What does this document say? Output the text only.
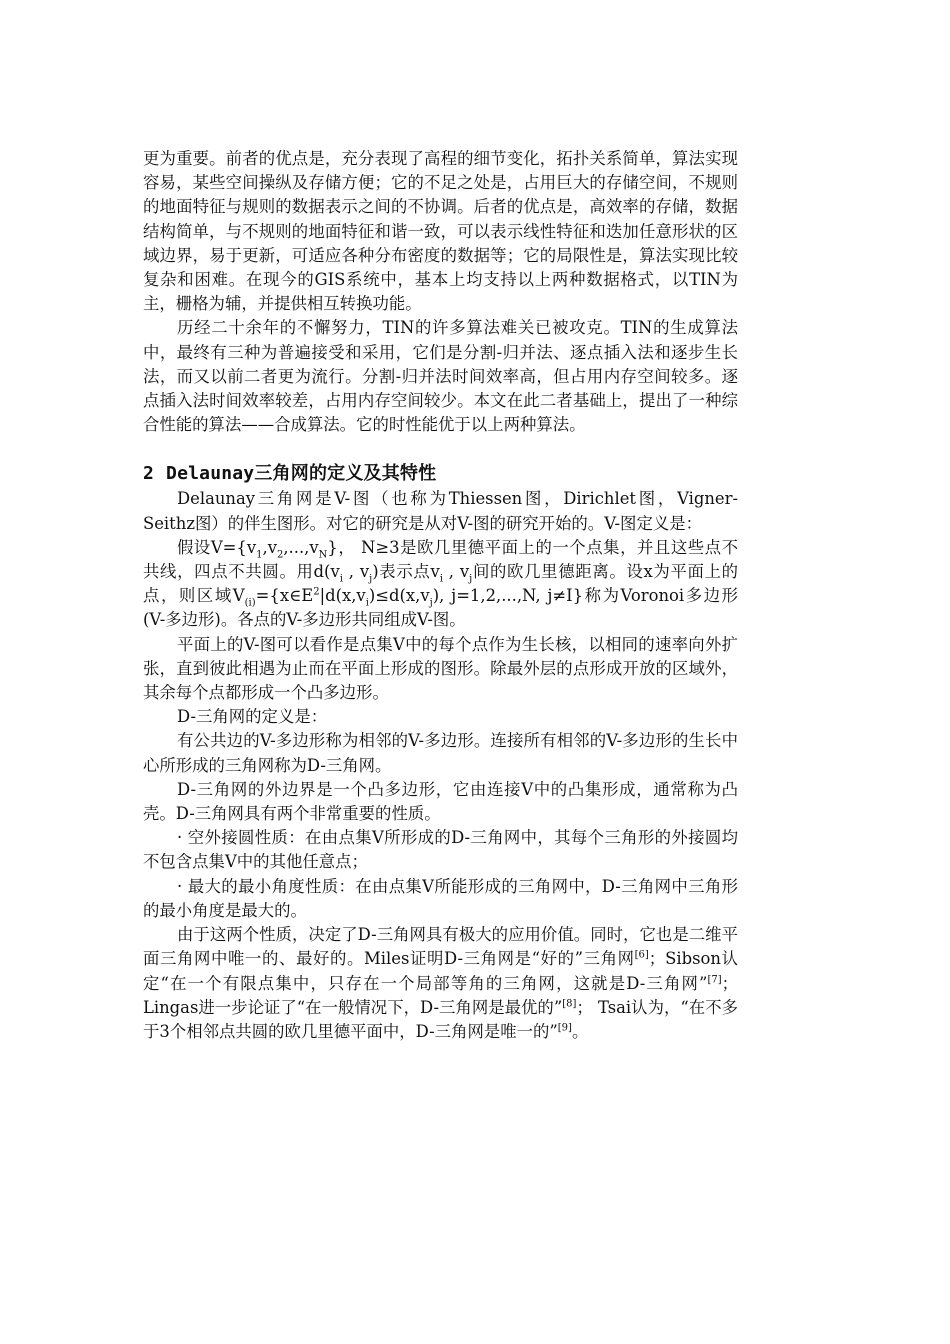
更为重要。前者的优点是，充分表现了高程的细节变化，拓扑关系简单，算法实现容易，某些空间操纵及存储方便；它的不足之处是，占用巨大的存储空间，不规则的地面特征与规则的数据表示之间的不协调。后者的优点是，高效率的存储，数据结构简单，与不规则的地面特征和谐一致，可以表示线性特征和迭加任意形状的区域边界，易于更新，可适应各种分布密度的数据等；它的局限性是，算法实现比较复杂和困难。在现今的GIS系统中，基本上均支持以上两种数据格式，以TIN为主，栅格为辅，并提供相互转换功能。

历经二十余年的不懈努力，TIN的许多算法难关已被攻克。TIN的生成算法中，最终有三种为普遍接受和采用，它们是分割-归并法、逐点插入法和逐步生长法，而又以前二者更为流行。分割-归并法时间效率高，但占用内存空间较多。逐点插入法时间效率较差，占用内存空间较少。本文在此二者基础上，提出了一种综合性能的算法——合成算法。它的时性能优于以上两种算法。

2 Delaunay三角网的定义及其特性

Delaunay三角网是V-图（也称为Thiessen图，Dirichlet图，Vigner-Seithz图）的伴生图形。对它的研究是从对V-图的研究开始的。V-图定义是：

假设$V=\{v_1,v_2,...,v_N\}$， N≥3是欧几里德平面上的一个点集，并且这些点不共线，四点不共圆。用$d(v_i$ , $v_j$)表示点$v_i$ , $v_j$间的欧几里德距离。设x为平面上的点，则区域$V_{(i)}=\{x\in E^2|d(x,v_i)\le d(x,v_j)$, j=1,2,...,N, j≠I}称为Voronoi多边形(V-多边形)。各点的V-多边形共同组成V-图。

平面上的V-图可以看作是点集V中的每个点作为生长核，以相同的速率向外扩张，直到彼此相遇为止而在平面上形成的图形。除最外层的点形成开放的区域外，其余每个点都形成一个凸多边形。

D-三角网的定义是：

有公共边的V-多边形称为相邻的V-多边形。连接所有相邻的V-多边形的生长中心所形成的三角网称为D-三角网。

D-三角网的外边界是一个凸多边形，它由连接V中的凸集形成，通常称为凸壳。D-三角网具有两个非常重要的性质。

· 空外接圆性质：在由点集V所形成的D-三角网中，其每个三角形的外接圆均不包含点集V中的其他任意点；

· 最大的最小角度性质：在由点集V所能形成的三角网中，D-三角网中三角形的最小角度是最大的。

由于这两个性质，决定了D-三角网具有极大的应用价值。同时，它也是二维平面三角网中唯一的、最好的。Miles证明D-三角网是“好的”三角网[6]；Sibson认定“在一个有限点集中，只存在一个局部等角的三角网，这就是D-三角网”[7]；Lingas进一步论证了“在一般情况下，D-三角网是最优的”[8]； Tsai认为，“在不多于3个相邻点共圆的欧几里德平面中，D-三角网是唯一的”[9]。
